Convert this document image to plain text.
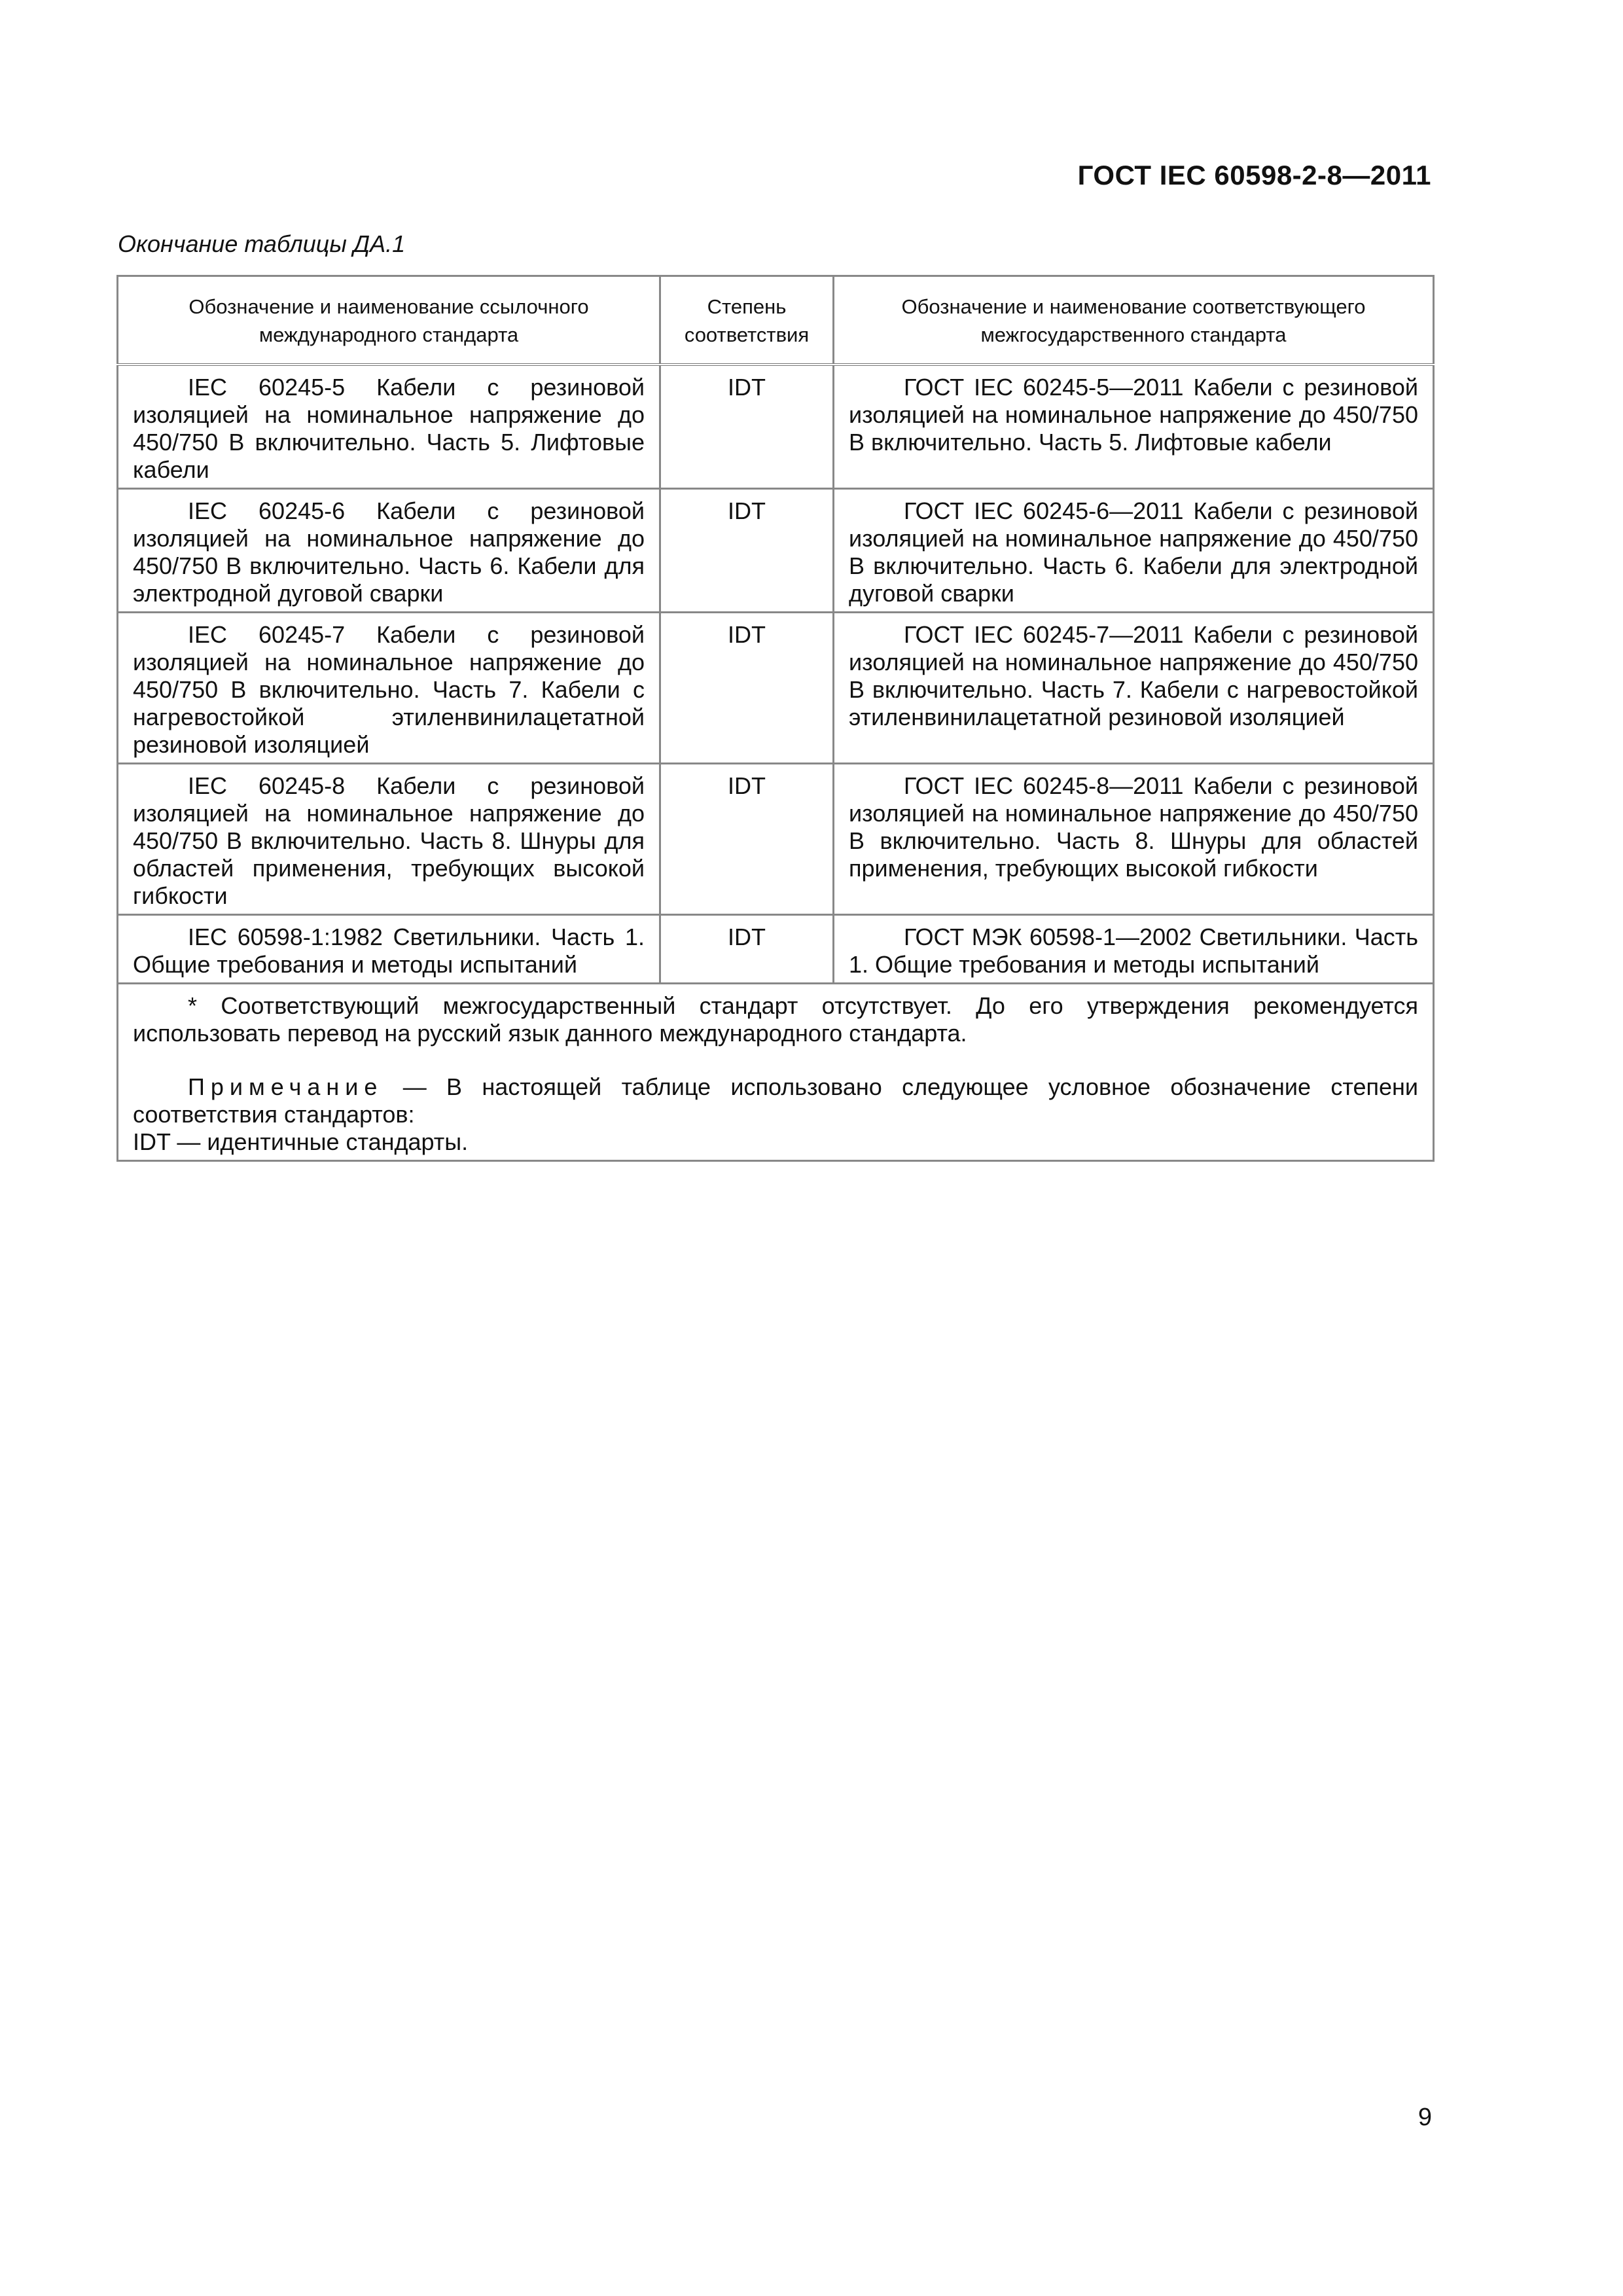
ГОСТ IEC 60598-2-8—2011
Окончание таблицы ДА.1
Обозначение и наименование ссылочного международного стандарта	Степень соответствия	Обозначение и наименование соответствующего межгосударственного стандарта
IEC 60245-5 Кабели с резиновой изоляцией на номинальное напряжение до 450/750 В включительно. Часть 5. Лифтовые кабели	IDT	ГОСТ IEC 60245-5—2011 Кабели с резиновой изоляцией на номинальное напряжение до 450/750 В включительно. Часть 5. Лифтовые кабели
IEC 60245-6 Кабели с резиновой изоляцией на номинальное напряжение до 450/750 В включительно. Часть 6. Кабели для электродной дуговой сварки	IDT	ГОСТ IEC 60245-6—2011 Кабели с резиновой изоляцией на номинальное напряжение до 450/750 В включительно. Часть 6. Кабели для электродной дуговой сварки
IEC 60245-7 Кабели с резиновой изоляцией на номинальное напряжение до 450/750 В включительно. Часть 7. Кабели с нагревостойкой этиленвинилацетатной резиновой изоляцией	IDT	ГОСТ IEC 60245-7—2011 Кабели с резиновой изоляцией на номинальное напряжение до 450/750 В включительно. Часть 7. Кабели с нагревостойкой этиленвинилацетатной резиновой изоляцией
IEC 60245-8 Кабели с резиновой изоляцией на номинальное напряжение до 450/750 В включительно. Часть 8. Шнуры для областей применения, требующих высокой гибкости	IDT	ГОСТ IEC 60245-8—2011 Кабели с резиновой изоляцией на номинальное напряжение до 450/750 В включительно. Часть 8. Шнуры для областей применения, требующих высокой гибкости
IEC 60598-1:1982 Светильники. Часть 1. Общие требования и методы испытаний	IDT	ГОСТ МЭК 60598-1—2002 Светильники. Часть 1. Общие требования и методы испытаний

* Соответствующий межгосударственный стандарт отсутствует. До его утверждения рекомендуется использовать перевод на русский язык данного международного стандарта.

Примечание — В настоящей таблице использовано следующее условное обозначение степени соответствия стандартов:

IDT — идентичные стандарты.		

9
